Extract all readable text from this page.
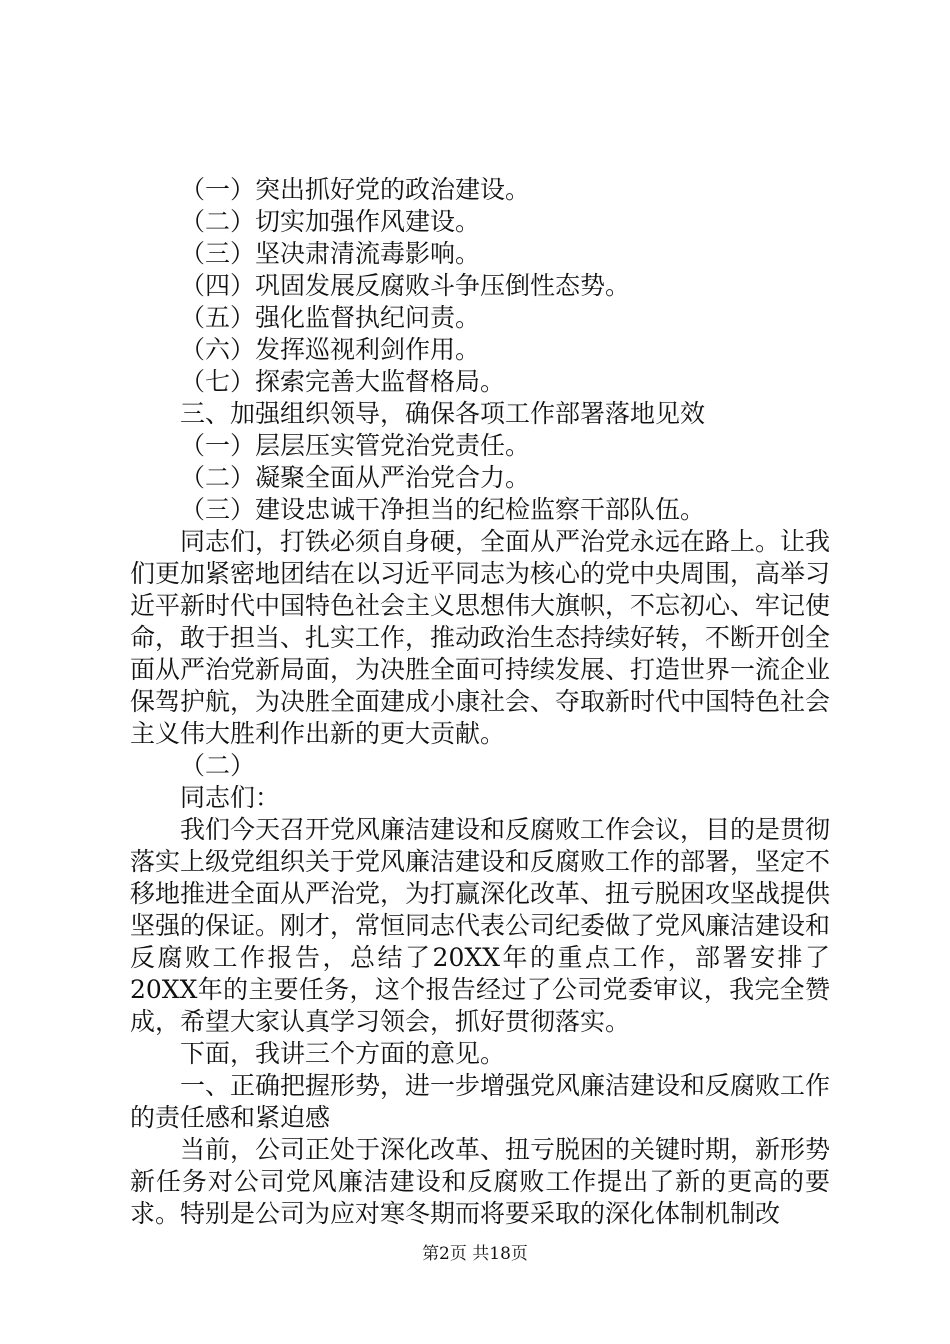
（一）突出抓好党的政治建设。
（二）切实加强作风建设。
（三）坚决肃清流毒影响。
（四）巩固发展反腐败斗争压倒性态势。
（五）强化监督执纪问责。
（六）发挥巡视利剑作用。
（七）探索完善大监督格局。
三、加强组织领导，确保各项工作部署落地见效
（一）层层压实管党治党责任。
（二）凝聚全面从严治党合力。
（三）建设忠诚干净担当的纪检监察干部队伍。

同志们，打铁必须自身硬，全面从严治党永远在路上。让我们更加紧密地团结在以习近平同志为核心的党中央周围，高举习近平新时代中国特色社会主义思想伟大旗帜，不忘初心、牢记使命，敢于担当、扎实工作，推动政治生态持续好转，不断开创全面从严治党新局面，为决胜全面可持续发展、打造世界一流企业保驾护航，为决胜全面建成小康社会、夺取新时代中国特色社会主义伟大胜利作出新的更大贡献。

（二）
同志们：

我们今天召开党风廉洁建设和反腐败工作会议，目的是贯彻落实上级党组织关于党风廉洁建设和反腐败工作的部署，坚定不移地推进全面从严治党，为打赢深化改革、扭亏脱困攻坚战提供坚强的保证。刚才，常恒同志代表公司纪委做了党风廉洁建设和反腐败工作报告，总结了20XX年的重点工作，部署安排了20XX年的主要任务，这个报告经过了公司党委审议，我完全赞成，希望大家认真学习领会，抓好贯彻落实。

下面，我讲三个方面的意见。

一、正确把握形势，进一步增强党风廉洁建设和反腐败工作的责任感和紧迫感

当前，公司正处于深化改革、扭亏脱困的关键时期，新形势新任务对公司党风廉洁建设和反腐败工作提出了新的更高的要求。特别是公司为应对寒冬期而将要采取的深化体制机制改

第2页 共18页
